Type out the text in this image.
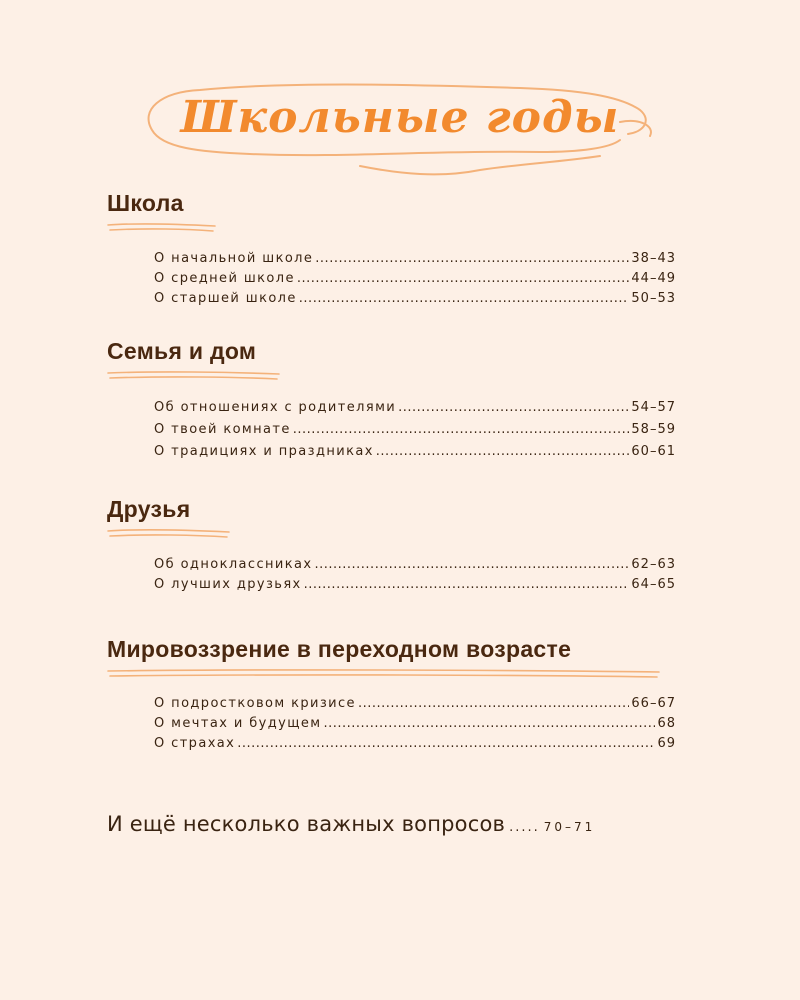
Школьные годы
Школа
О начальной школе .....	38–43
О средней школе .....	44–49
О старшей школе .....	50–53
Семья и дом
Об отношениях с родителями .....	54–57
О твоей комнате .....	58–59
О традициях и праздниках .....	60–61
Друзья
Об одноклассниках .....	62–63
О лучших друзьях .....	64–65
Мировоззрение в переходном возрасте
О подростковом кризисе .....	66–67
О мечтах и будущем .....	68
О страхах .....	69
И ещё несколько важных вопросов ..... 70–71
